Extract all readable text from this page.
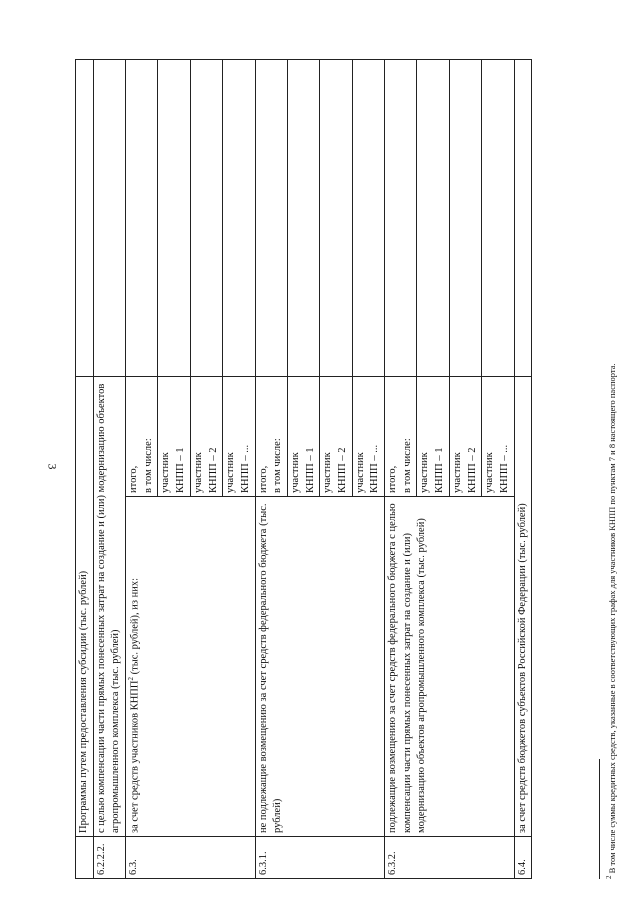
3
	Программы путем предоставления субсидии (тыс. рублей)		
6.2.2.2.	с целью компенсации части прямых понесенных затрат на создание и (или) модернизацию объектов агропромышленного комплекса (тыс. рублей)		
6.3.	за счет средств участников КНПП$^2$ (тыс. рублей), из них:	итого,
в том числе:	
		участник
КНПП – 1	
		участник
КНПП – 2	
		участник
КНПП – ...	
6.3.1.	не подлежащие возмещению за счет средств федерального бюджета (тыс. рублей)	итого,
в том числе:	
		участник
КНПП – 1	
		участник
КНПП – 2	
		участник
КНПП – ...	
6.3.2.	подлежащие возмещению за счет средств федерального бюджета с целью компенсации части прямых понесенных затрат на создание и (или) модернизацию объектов агропромышленного комплекса (тыс. рублей)	итого,
в том числе:	
		участник
КНПП – 1	
		участник
КНПП – 2	
		участник
КНПП – ...	
6.4.	за счет средств бюджетов субъектов Российской Федерации (тыс. рублей)		
$^2$ В том числе суммы кредитных средств, указанные в соответствующих графах для участников КНПП по пунктам 7 и 8 настоящего паспорта.
